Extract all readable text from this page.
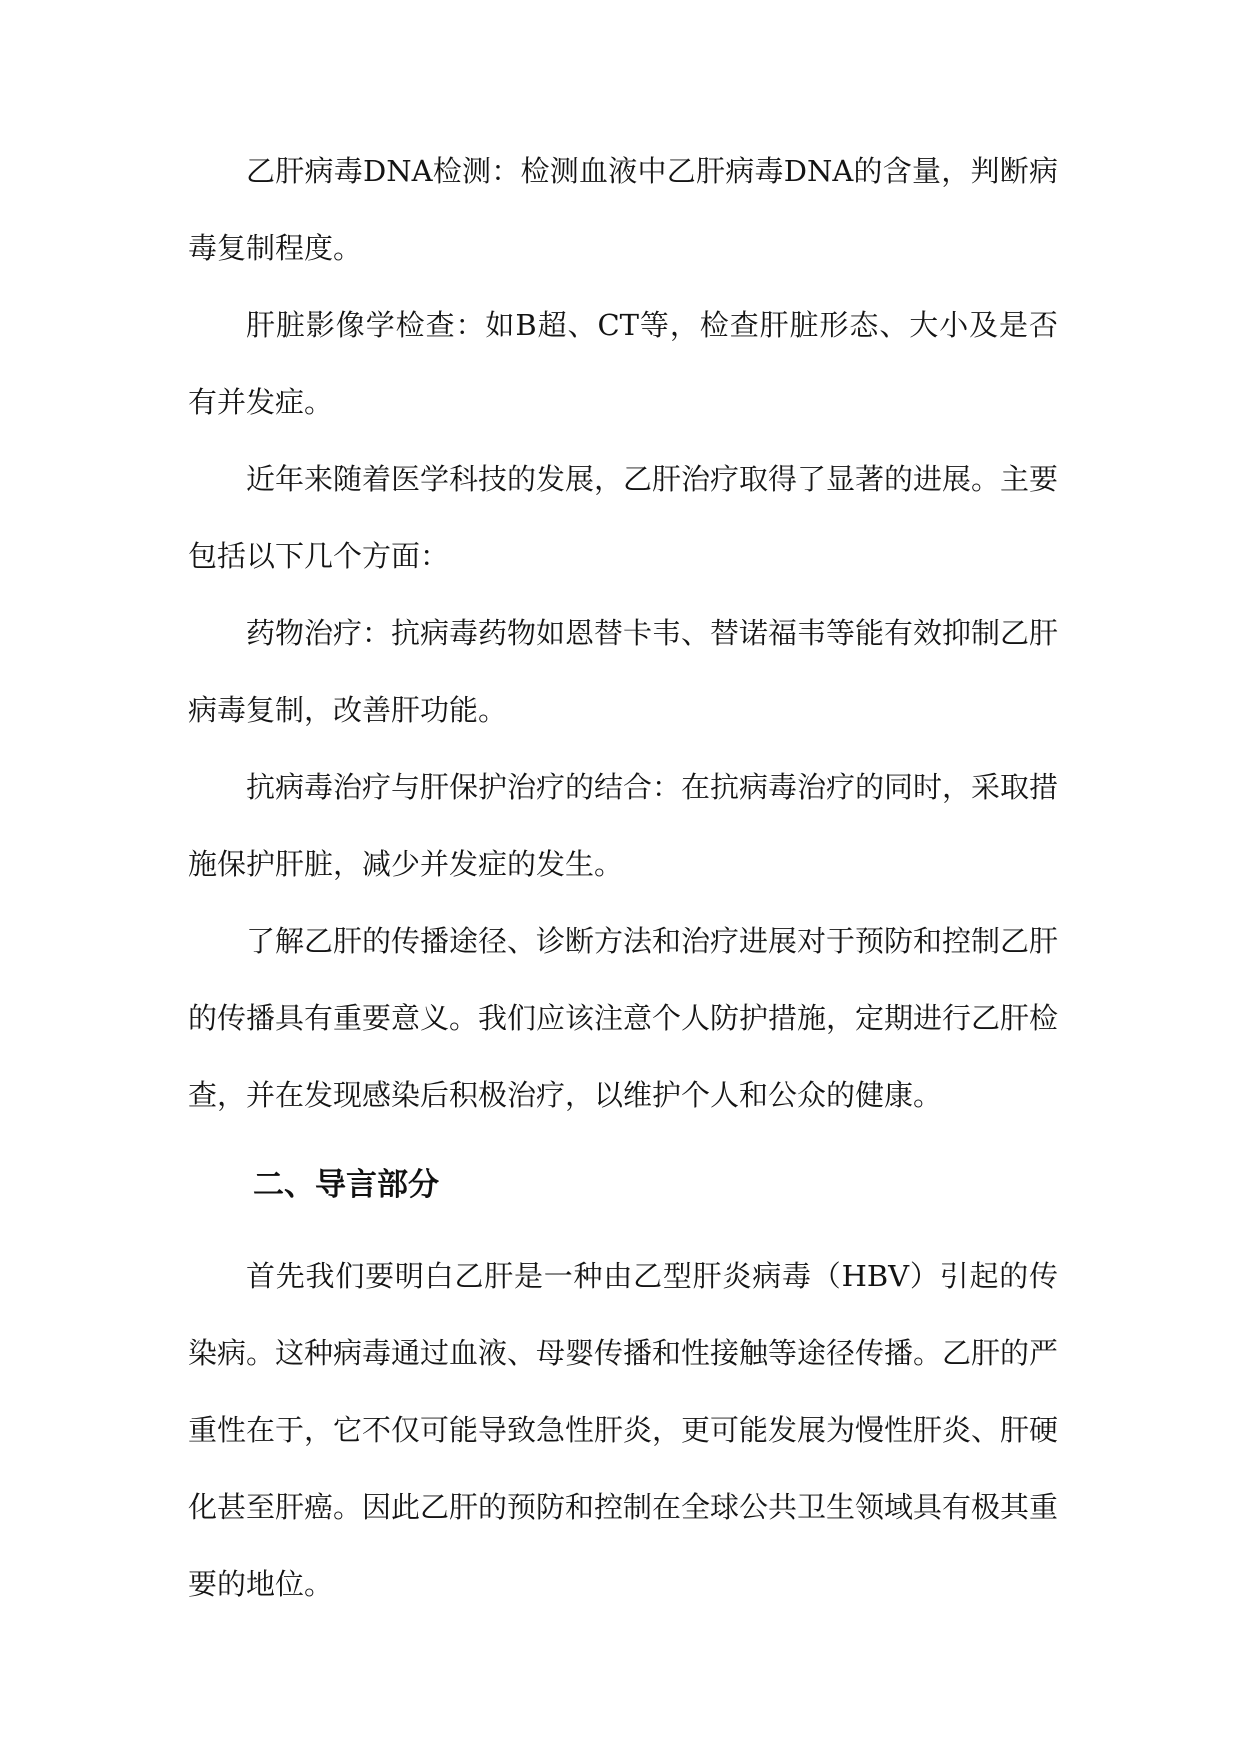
乙肝病毒DNA检测：检测血液中乙肝病毒DNA的含量，判断病毒复制程度。

肝脏影像学检查：如B超、CT等，检查肝脏形态、大小及是否有并发症。

近年来随着医学科技的发展，乙肝治疗取得了显著的进展。主要包括以下几个方面：

药物治疗：抗病毒药物如恩替卡韦、替诺福韦等能有效抑制乙肝病毒复制，改善肝功能。

抗病毒治疗与肝保护治疗的结合：在抗病毒治疗的同时，采取措施保护肝脏，减少并发症的发生。

了解乙肝的传播途径、诊断方法和治疗进展对于预防和控制乙肝的传播具有重要意义。我们应该注意个人防护措施，定期进行乙肝检查，并在发现感染后积极治疗，以维护个人和公众的健康。

二、导言部分

首先我们要明白乙肝是一种由乙型肝炎病毒（HBV）引起的传染病。这种病毒通过血液、母婴传播和性接触等途径传播。乙肝的严重性在于，它不仅可能导致急性肝炎，更可能发展为慢性肝炎、肝硬化甚至肝癌。因此乙肝的预防和控制在全球公共卫生领域具有极其重要的地位。
